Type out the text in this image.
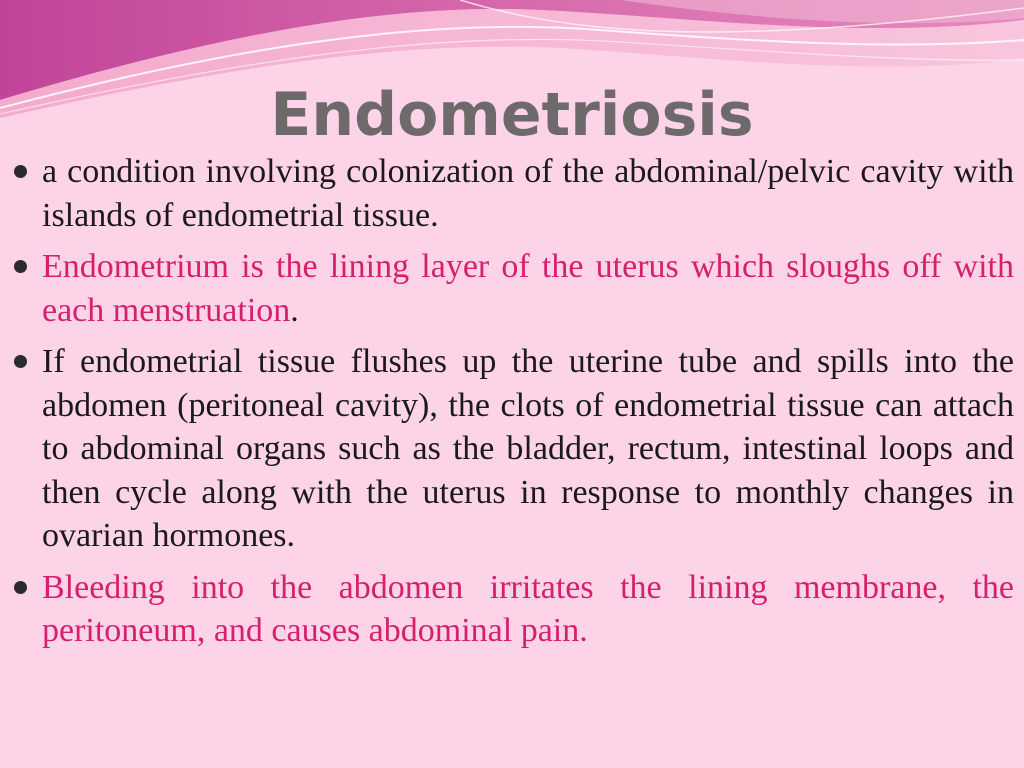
Endometriosis
a condition involving colonization of the abdominal/pelvic cavity with islands of endometrial tissue.
Endometrium is the lining layer of the uterus which sloughs off with each menstruation.
If endometrial tissue flushes up the uterine tube and spills into the abdomen (peritoneal cavity), the clots of endometrial tissue can attach to abdominal organs such as the bladder, rectum, intestinal loops and then cycle along with the uterus in response to monthly changes in ovarian hormones.
Bleeding into the abdomen irritates the lining membrane, the peritoneum, and causes abdominal pain.
